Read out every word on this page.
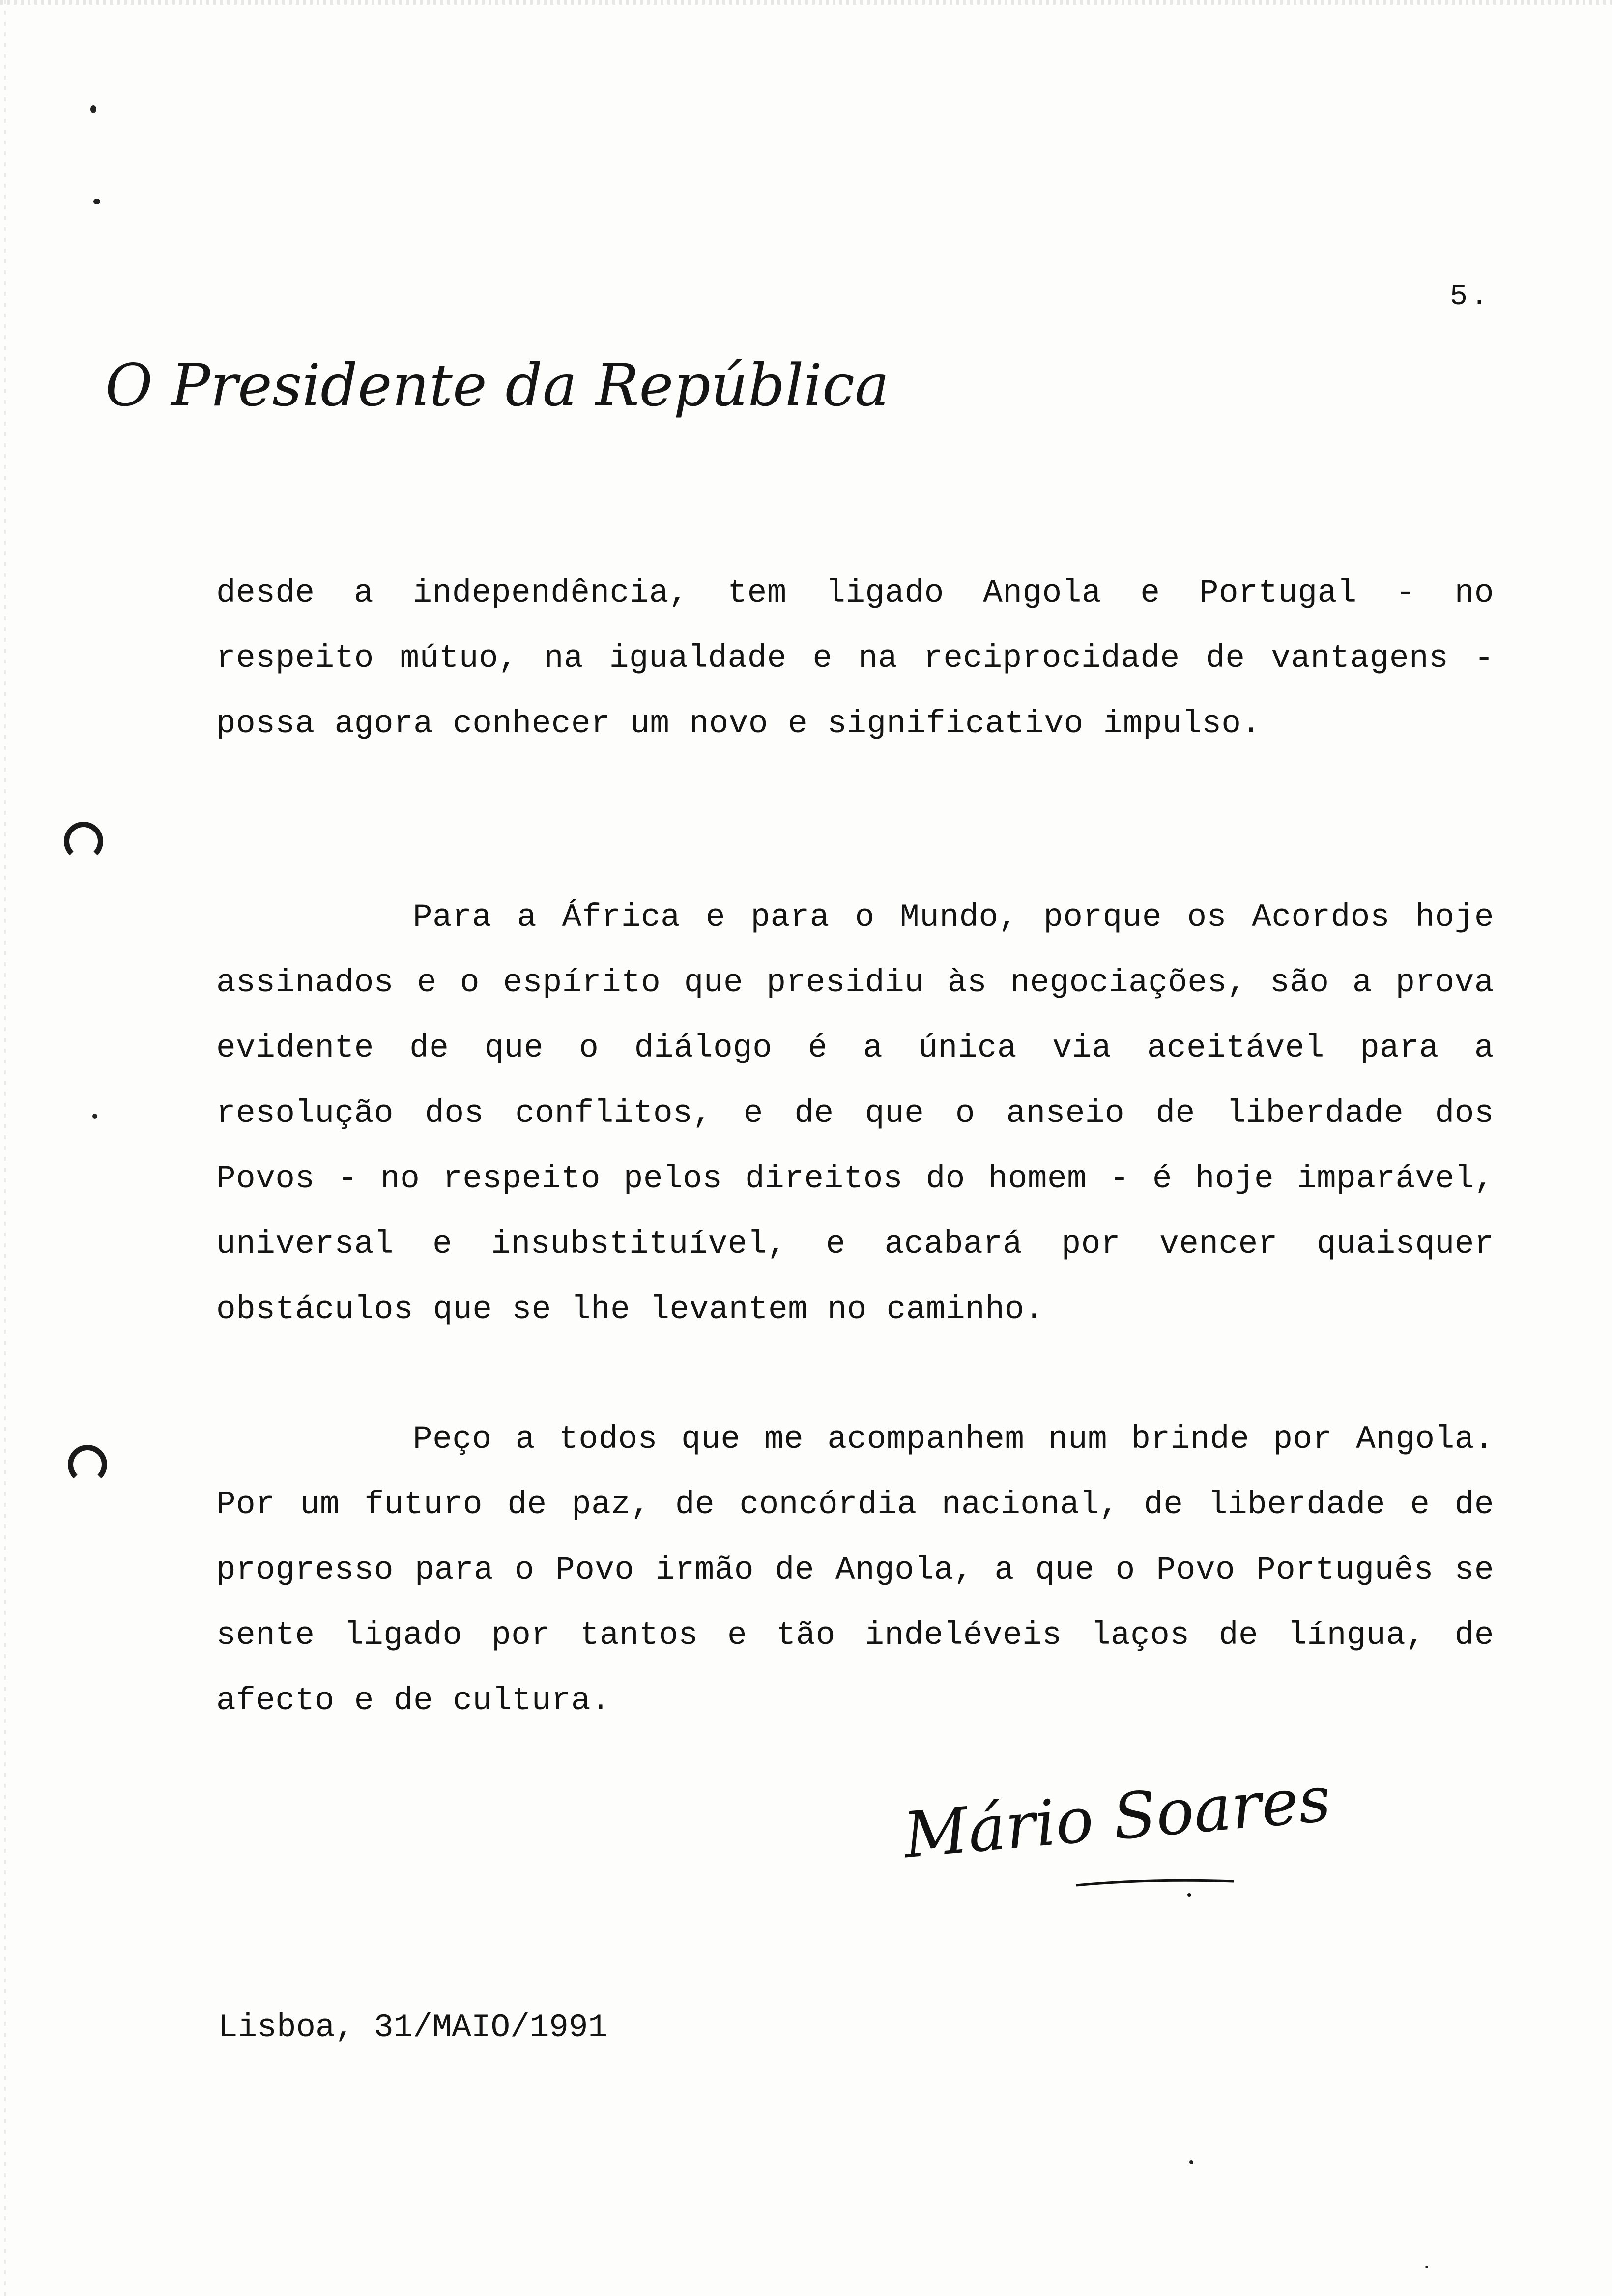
5.
O Presidente da República

desde a independência, tem ligado Angola e Portugal - no respeito mútuo, na igualdade e na reciprocidade de vantagens - possa agora conhecer um novo e significativo impulso.

Para a África e para o Mundo, porque os Acordos hoje assinados e o espírito que presidiu às negociações, são a prova evidente de que o diálogo é a única via aceitável para a resolução dos conflitos, e de que o anseio de liberdade dos Povos - no respeito pelos direitos do homem - é hoje imparável, universal e insubstituível, e acabará por vencer quaisquer obstáculos que se lhe levantem no caminho.

Peço a todos que me acompanhem num brinde por Angola. Por um futuro de paz, de concórdia nacional, de liberdade e de progresso para o Povo irmão de Angola, a que o Povo Português se sente ligado por tantos e tão indeléveis laços de língua, de afecto e de cultura.

Mário Soares
Lisboa, 31/MAIO/1991
